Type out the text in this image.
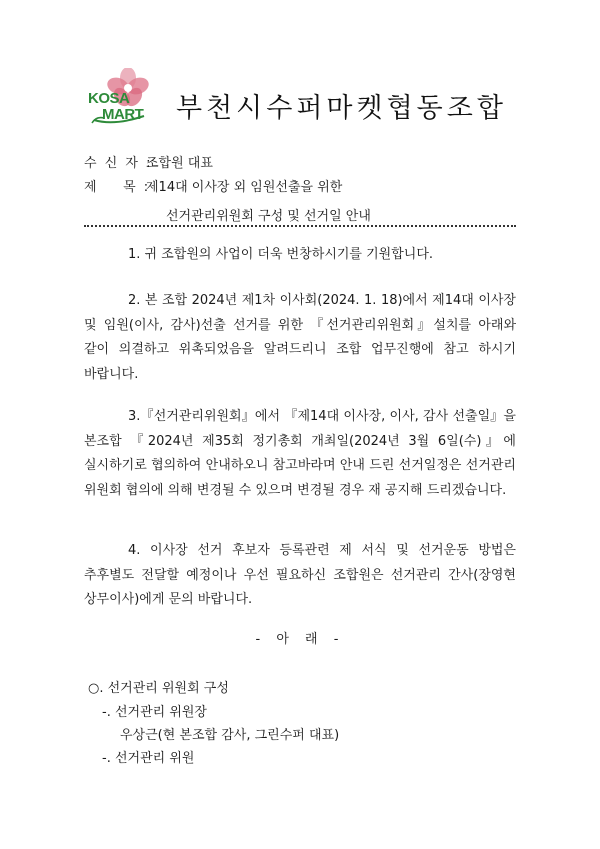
KOSA
MART 부천시수퍼마켓협동조합
수 신 자 :조합원 대표
제    목 :제14대 이사장 외 임원선출을 위한
선거관리위원회 구성 및 선거일 안내
1. 귀 조합원의 사업이 더욱 번창하시기를 기원합니다.
2. 본 조합 2024년 제1차 이사회(2024. 1. 18)에서 제14대 이사장 및 임원(이사, 감사)선출 선거를 위한 『선거관리위원회』설치를 아래와 같이 의결하고 위촉되었음을 알려드리니 조합 업무진행에 참고 하시기 바랍니다.
3.『선거관리위원회』에서 『제14대 이사장, 이사, 감사 선출일』을 본조합 『2024년 제35회 정기총회 개최일(2024년 3월 6일(수)』에 실시하기로 협의하여 안내하오니 참고바라며 안내 드린 선거일정은 선거관리 위원회 협의에 의해 변경될 수 있으며 변경될 경우 재 공지해 드리겠습니다.
4. 이사장 선거 후보자 등록관련 제 서식 및 선거운동 방법은 추후별도 전달할 예정이나 우선 필요하신 조합원은 선거관리 간사(장영현 상무이사)에게 문의 바랍니다.
- 아 래 -
○. 선거관리 위원회 구성
-. 선거관리 위원장
우상근(현 본조합 감사, 그린수퍼 대표)
-. 선거관리 위원
